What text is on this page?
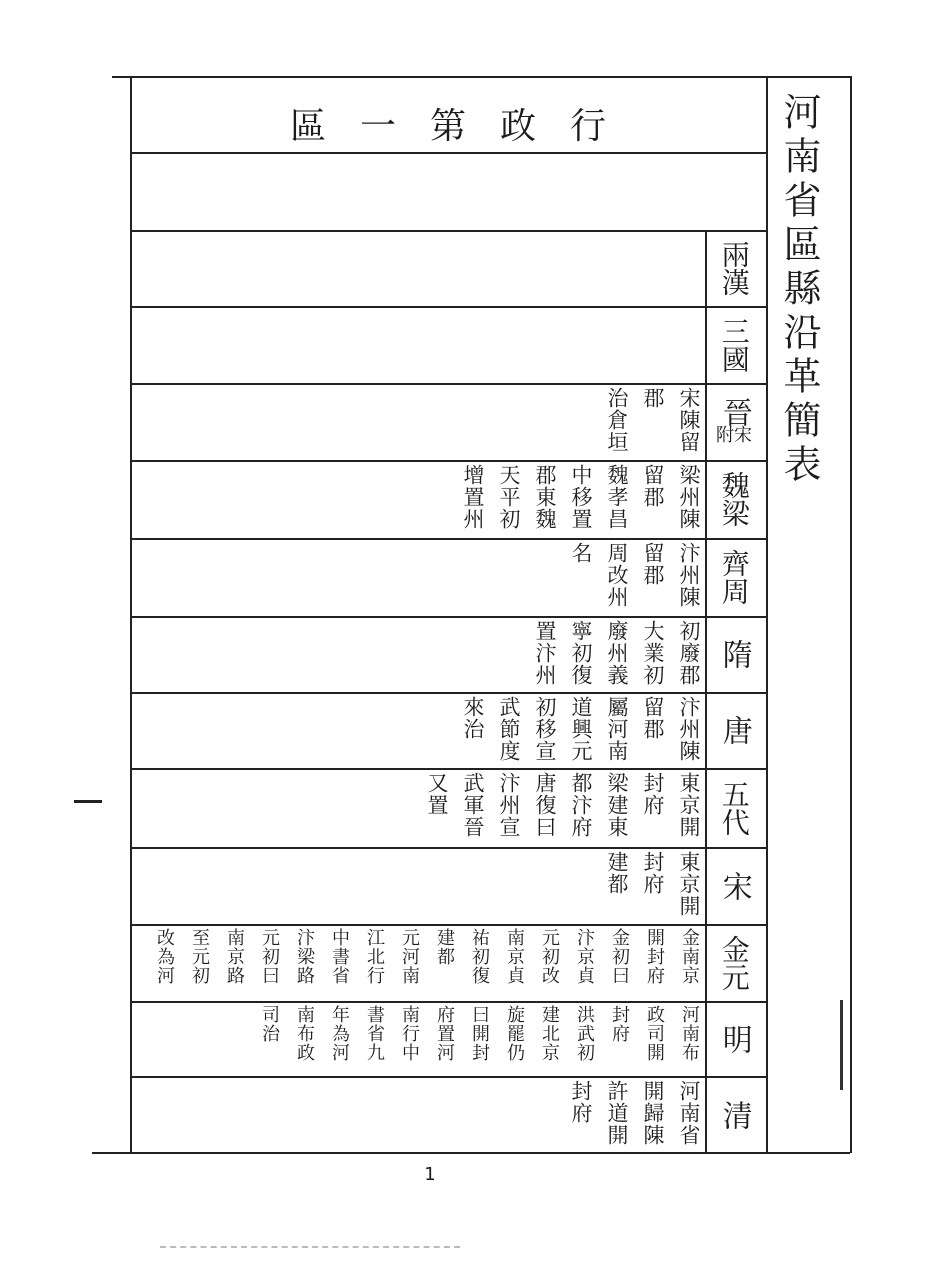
河南省區縣沿革簡表
行政第一區
兩漢
三國
晉
附宋
宋陳留
郡
治倉垣
魏梁
梁州陳
留郡
魏孝昌
中移置
郡東魏
天平初
增置州
齊周
汴州陳
留郡
周改州
名
隋
初廢郡
大業初
廢州義
寧初復
置汴州
唐
汴州陳
留郡
屬河南
道興元
初移宣
武節度
來治
五代
東京開
封府
梁建東
都汴府
唐復曰
汴州宣
武軍晉
又置
宋
東京開
封府
建都
金元
金南京
開封府
金初曰
汴京貞
元初改
南京貞
祐初復
建都
元河南
江北行
中書省
汴梁路
元初曰
南京路
至元初
改為河
明
河南布
政司開
封府
洪武初
建北京
旋罷仍
曰開封
府置河
南行中
書省九
年為河
南布政
司治
清
河南省
開歸陳
許道開
封府
1
